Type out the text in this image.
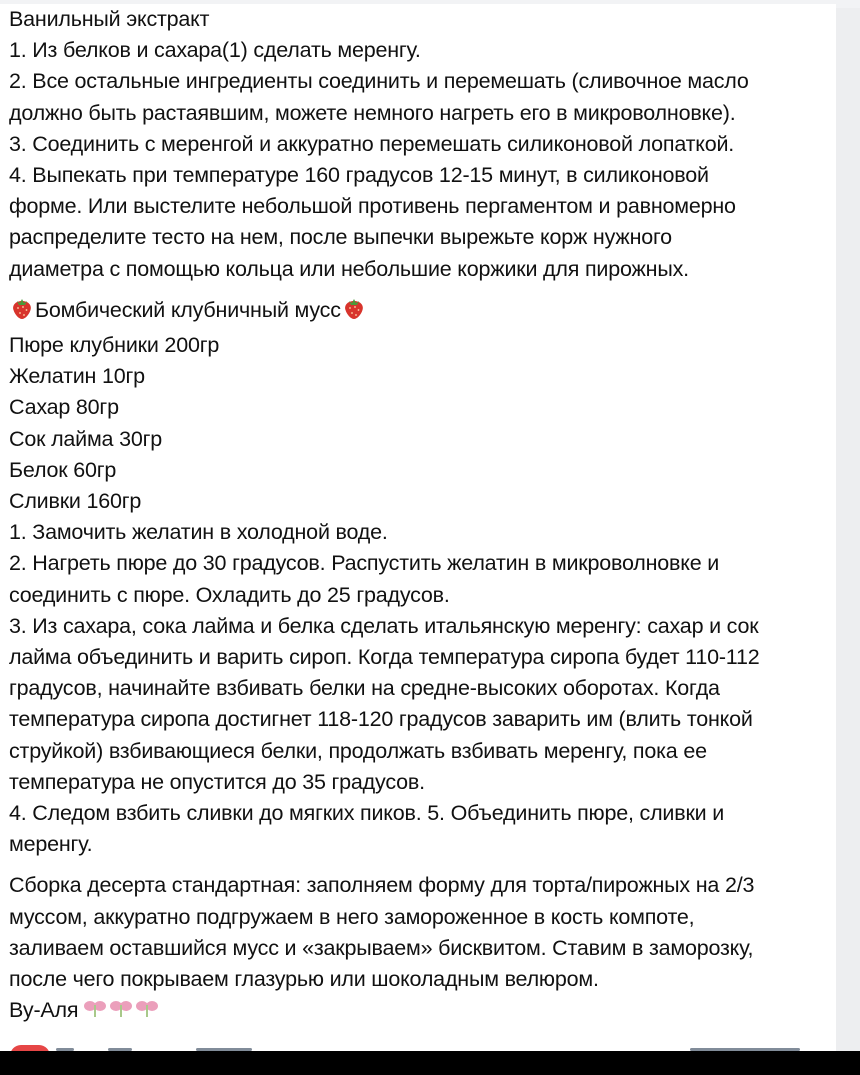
Ванильный экстракт

1. Из белков и сахара(1) сделать меренгу.

2. Все остальные ингредиенты соединить и перемешать (сливочное масло

должно быть растаявшим, можете немного нагреть его в микроволновке).

3. Соединить с меренгой и аккуратно перемешать силиконовой лопаткой.

4. Выпекать при температуре 160 градусов 12-15 минут, в силиконовой

форме. Или выстелите небольшой противень пергаментом и равномерно

распределите тесто на нем, после выпечки вырежьте корж нужного

диаметра с помощью кольца или небольшие коржики для пирожных.

Бомбический клубничный мусс

Пюре клубники 200гр

Желатин 10гр

Сахар 80гр

Сок лайма 30гр

Белок 60гр

Сливки 160гр

1. Замочить желатин в холодной воде.

2. Нагреть пюре до 30 градусов. Распустить желатин в микроволновке и

соединить с пюре. Охладить до 25 градусов.

3. Из сахара, сока лайма и белка сделать итальянскую меренгу: сахар и сок

лайма объединить и варить сироп. Когда температура сиропа будет 110-112

градусов, начинайте взбивать белки на средне-высоких оборотах. Когда

температура сиропа достигнет 118-120 градусов заварить им (влить тонкой

струйкой) взбивающиеся белки, продолжать взбивать меренгу, пока ее

температура не опустится до 35 градусов.

4. Следом взбить сливки до мягких пиков. 5. Объединить пюре, сливки и

меренгу.

Сборка десерта стандартная: заполняем форму для торта/пирожных на 2/3

муссом, аккуратно подгружаем в него замороженное в кость компоте,

заливаем оставшийся мусс и «закрываем» бисквитом. Ставим в заморозку,

после чего покрываем глазурью или шоколадным велюром.

Ву-Аля
